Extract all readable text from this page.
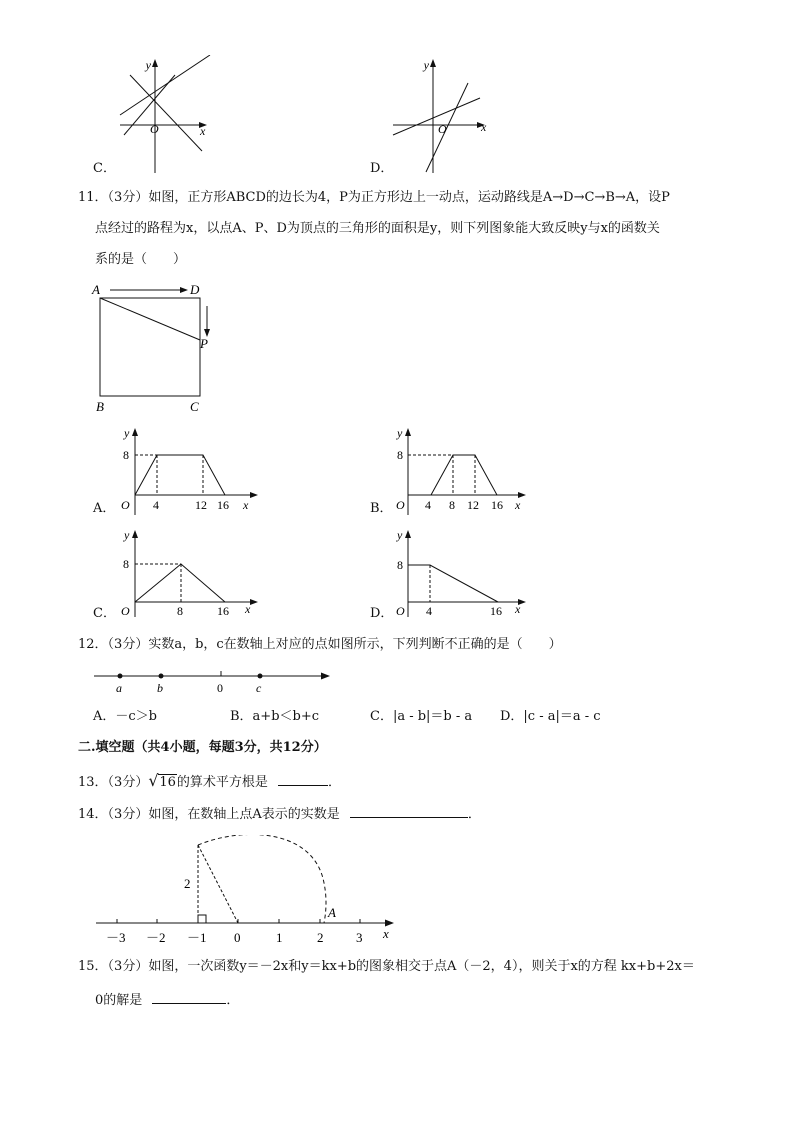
y
O	x
C．
y
O	x
D．
11．（3分）如图，正方形ABCD的边长为4，P为正方形边上一动点，运动路线是A→D→C→B→A，设P
点经过的路程为x，以点A、P、D为顶点的三角形的面积是y，则下列图象能大致反映y与x的函数关
系的是（　　）
A	D
P
B	C
y
8
O 4	12 16 x
A．
y
8
O 4 8 12 16 x
B．
y
8
O	8	16 x
C．
y
8
O 4	16 x
D．
12．（3分）实数a，b，c在数轴上对应的点如图所示，下列判断不正确的是（　　）
a	b	0	c
A．－c＞b	B．a+b＜b+c	C．|a - b|＝b - a D．|c - a|＝a - c
二.填空题（共4小题，每题3分，共12分）
13．（3分） √ 16的算术平方根是	．
14．（3分）如图，在数轴上点A表示的实数是	．
2
A
－3 －2 －1 0	1	2	3 x
15．（3分）如图，一次函数y＝－2x和y＝kx+b的图象相交于点A（－2，4），则关于x的方程 kx+b+2x＝
0的解是	．
